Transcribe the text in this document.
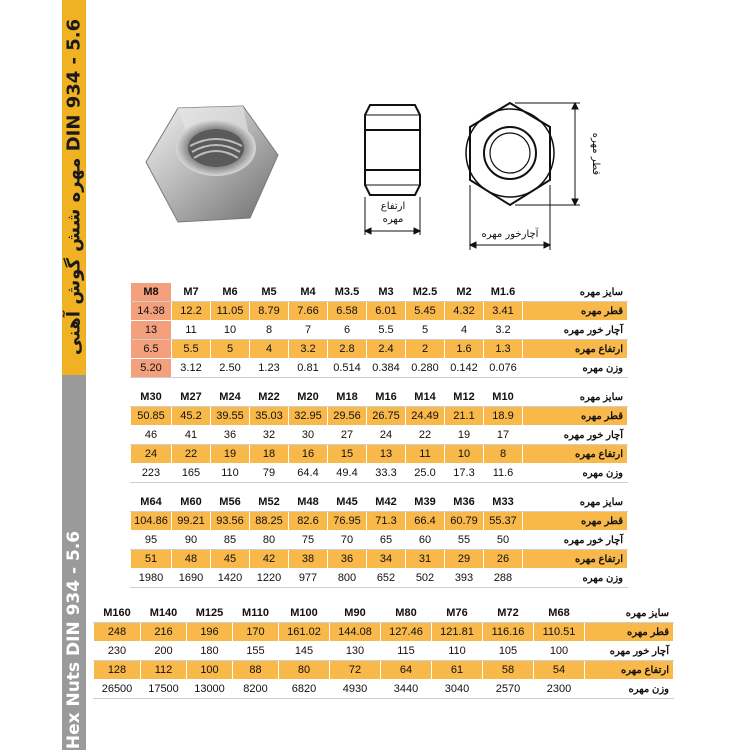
مهره شش گوش آهنی DIN 934 - 5.6
Hex Nuts DIN 934 - 5.6
ارتفاع
مهره
آچارخور مهره
قطر مهره
M8	M7	M6	M5	M4	M3.5	M3	M2.5	M2	M1.6	سایز مهره
14.38	12.2	11.05	8.79	7.66	6.58	6.01	5.45	4.32	3.41	قطر مهره
13	11	10	8	7	6	5.5	5	4	3.2	آچار خور مهره
6.5	5.5	5	4	3.2	2.8	2.4	2	1.6	1.3	ارتفاع مهره
5.20	3.12	2.50	1.23	0.81	0.514	0.384	0.280	0.142	0.076	وزن مهره
M30	M27	M24	M22	M20	M18	M16	M14	M12	M10	سایز مهره
50.85	45.2	39.55	35.03	32.95	29.56	26.75	24.49	21.1	18.9	قطر مهره
46	41	36	32	30	27	24	22	19	17	آچار خور مهره
24	22	19	18	16	15	13	11	10	8	ارتفاع مهره
223	165	110	79	64.4	49.4	33.3	25.0	17.3	11.6	وزن مهره
M64	M60	M56	M52	M48	M45	M42	M39	M36	M33	سایز مهره
104.86	99.21	93.56	88.25	82.6	76.95	71.3	66.4	60.79	55.37	قطر مهره
95	90	85	80	75	70	65	60	55	50	آچار خور مهره
51	48	45	42	38	36	34	31	29	26	ارتفاع مهره
1980	1690	1420	1220	977	800	652	502	393	288	وزن مهره
M160	M140	M125	M110	M100	M90	M80	M76	M72	M68	سایز مهره
248	216	196	170	161.02	144.08	127.46	121.81	116.16	110.51	قطر مهره
230	200	180	155	145	130	115	110	105	100	آچار خور مهره
128	112	100	88	80	72	64	61	58	54	ارتفاع مهره
26500	17500	13000	8200	6820	4930	3440	3040	2570	2300	وزن مهره
